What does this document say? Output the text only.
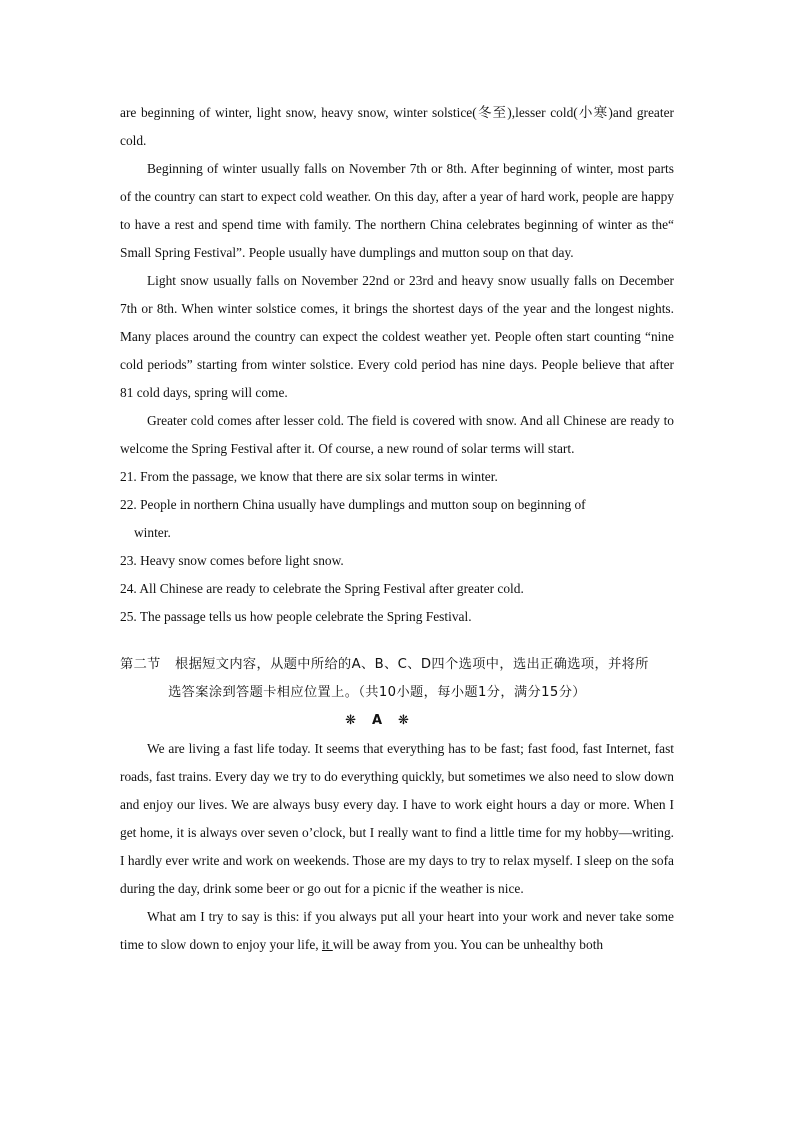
are beginning of winter, light snow, heavy snow, winter solstice(冬至),lesser cold(小寒)and greater cold.

Beginning of winter usually falls on November 7th or 8th. After beginning of winter, most parts of the country can start to expect cold weather. On this day, after a year of hard work, people are happy to have a rest and spend time with family. The northern China celebrates beginning of winter as the“ Small Spring Festival”. People usually have dumplings and mutton soup on that day.

Light snow usually falls on November 22nd or 23rd and heavy snow usually falls on December 7th or 8th. When winter solstice comes, it brings the shortest days of the year and the longest nights. Many places around the country can expect the coldest weather yet. People often start counting “nine cold periods” starting from winter solstice. Every cold period has nine days. People believe that after 81 cold days, spring will come.

Greater cold comes after lesser cold. The field is covered with snow. And all Chinese are ready to welcome the Spring Festival after it. Of course, a new round of solar terms will start.

21. From the passage, we know that there are six solar terms in winter.

22. People in northern China usually have dumplings and mutton soup on beginning of

winter.

23. Heavy snow comes before light snow.

24. All Chinese are ready to celebrate the Spring Festival after greater cold.

25. The passage tells us how people celebrate the Spring Festival.

第二节	根据短文内容，从题中所给的A、B、C、D四个选项中，选出正确选项，并将所
选答案涂到答题卡相应位置上。（共10小题，每小题1分，满分15分）
❋ A ❋

We are living a fast life today. It seems that everything has to be fast; fast food, fast Internet, fast roads, fast trains. Every day we try to do everything quickly, but sometimes we also need to slow down and enjoy our lives. We are always busy every day. I have to work eight hours a day or more. When I get home, it is always over seven o’clock, but I really want to find a little time for my hobby—writing. I hardly ever write and work on weekends. Those are my days to try to relax myself. I sleep on the sofa during the day, drink some beer or go out for a picnic if the weather is nice.

What am I try to say is this: if you always put all your heart into your work and never take some time to slow down to enjoy your life, it will be away from you. You can be unhealthy both
